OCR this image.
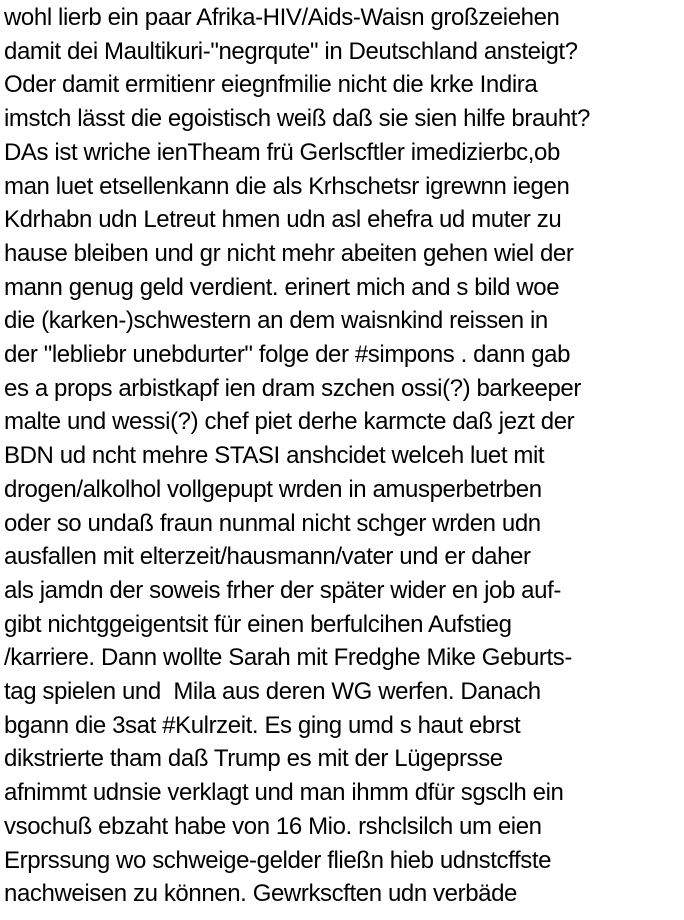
wohl lierb ein paar Afrika-HIV/Aids-Waisn großzeiehen
damit dei Maultikuri-"negrqute" in Deutschland ansteigt?
Oder damit ermitienr eiegnfmilie nicht die krke Indira
imstch lässt die egoistisch weiß daß sie sien hilfe brauht?
DAs ist wriche ienTheam frü Gerlscftler imedizierbc,ob
man luet etsellenkann die als Krhschetsr igrewnn iegen
Kdrhabn udn Letreut hmen udn asl ehefra ud muter zu
hause bleiben und gr nicht mehr abeiten gehen wiel der
mann genug geld verdient. erinert mich and s bild woe
die (karken-)schwestern an dem waisnkind reissen in
der "lebliebr unebdurter" folge der #simpons . dann gab
es a props arbistkapf ien dram szchen ossi(?) barkeeper
malte und wessi(?) chef piet derhe karmcte daß jezt der
BDN ud ncht mehre STASI anshcidet welceh luet mit
drogen/alkolhol vollgepupt wrden in amusperbetrben
oder so undaß fraun nunmal nicht schger wrden udn
ausfallen mit elterzeit/hausmann/vater und er daher
als jamdn der soweis frher der später wider en job auf-
gibt nichtggeigentsit für einen berfulcihen Aufstieg
/karriere. Dann wollte Sarah mit Fredghe Mike Geburts-
tag spielen und  Mila aus deren WG werfen. Danach
bgann die 3sat #Kulrzeit. Es ging umd s haut ebrst
dikstrierte tham daß Trump es mit der Lügeprsse
afnimmt udnsie verklagt und man ihmm dfür sgsclh ein
vsochuß ebzaht habe von 16 Mio. rshclsilch um eien
Erprssung wo schweige-gelder fließn hieb udnstcffste
nachweisen zu können. Gewrkscften udn verbäde
